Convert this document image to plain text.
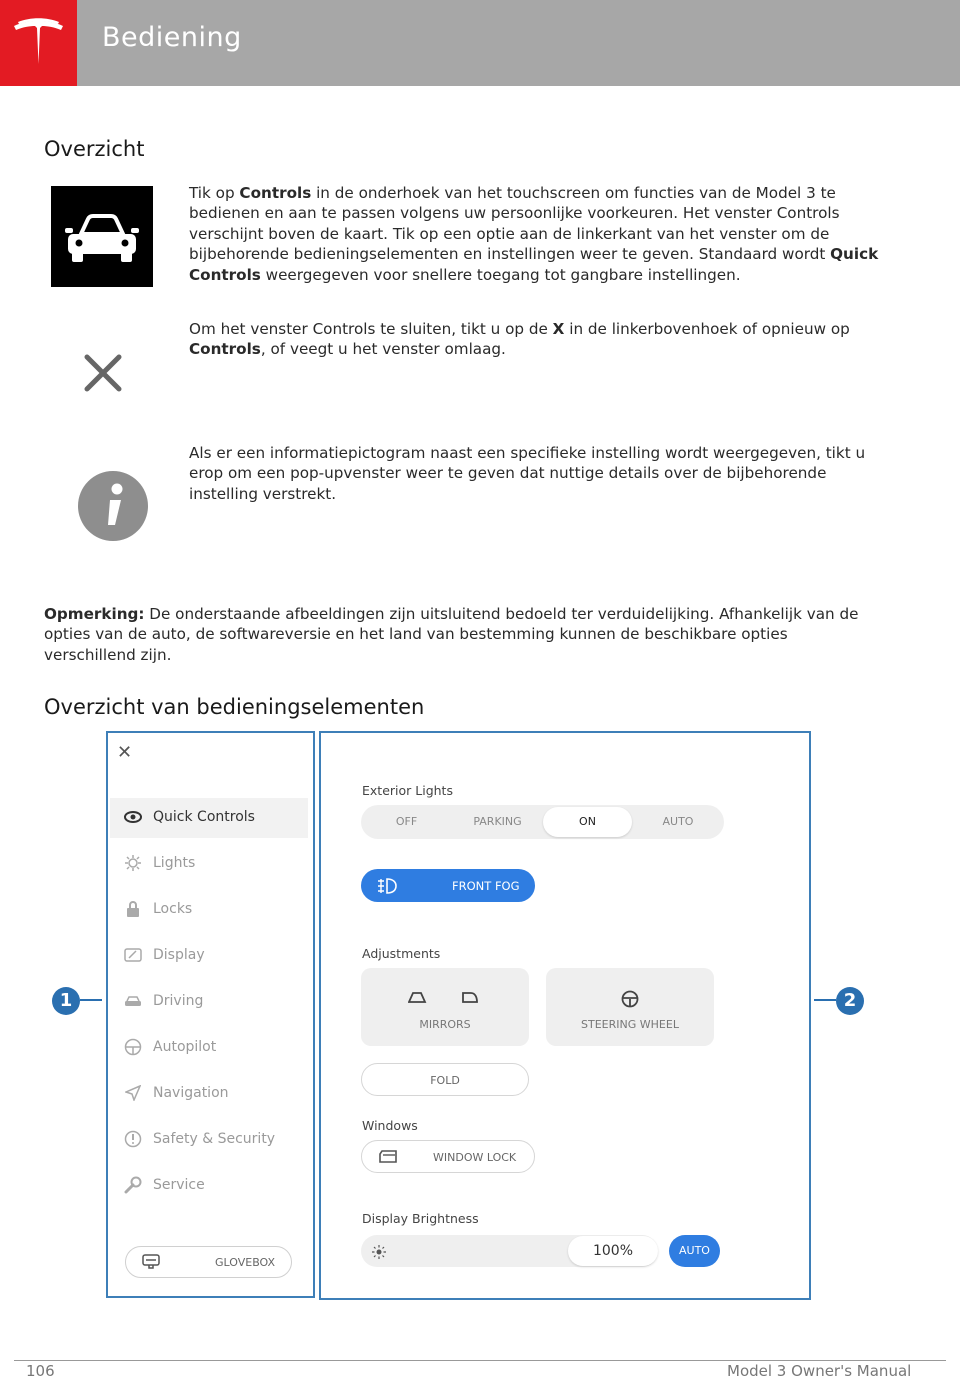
Bediening
Overzicht
Tik op Controls in de onderhoek van het touchscreen om functies van de Model 3 te bedienen en aan te passen volgens uw persoonlijke voorkeuren. Het venster Controls verschijnt boven de kaart. Tik op een optie aan de linkerkant van het venster om de bijbehorende bedieningselementen en instellingen weer te geven. Standaard wordt Quick Controls weergegeven voor snellere toegang tot gangbare instellingen.
Om het venster Controls te sluiten, tikt u op de X in de linkerbovenhoek of opnieuw op Controls, of veegt u het venster omlaag.
Als er een informatiepictogram naast een specifieke instelling wordt weergegeven, tikt u erop om een pop-upvenster weer te geven dat nuttige details over de bijbehorende instelling verstrekt.
Opmerking: De onderstaande afbeeldingen zijn uitsluitend bedoeld ter verduidelijking. Afhankelijk van de opties van de auto, de softwareversie en het land van bestemming kunnen de beschikbare opties verschillend zijn.
Overzicht van bedieningselementen
✕
Quick Controls
Lights
Locks
Display
Driving
Autopilot
Navigation
Safety & Security
Service
GLOVEBOX
Exterior Lights
OFF	PARKING	ON	AUTO
FRONT FOG
Adjustments
MIRRORS	STEERING WHEEL
FOLD
Windows
WINDOW LOCK
Display Brightness
100%	AUTO
1	2
106	Model 3 Owner's Manual
